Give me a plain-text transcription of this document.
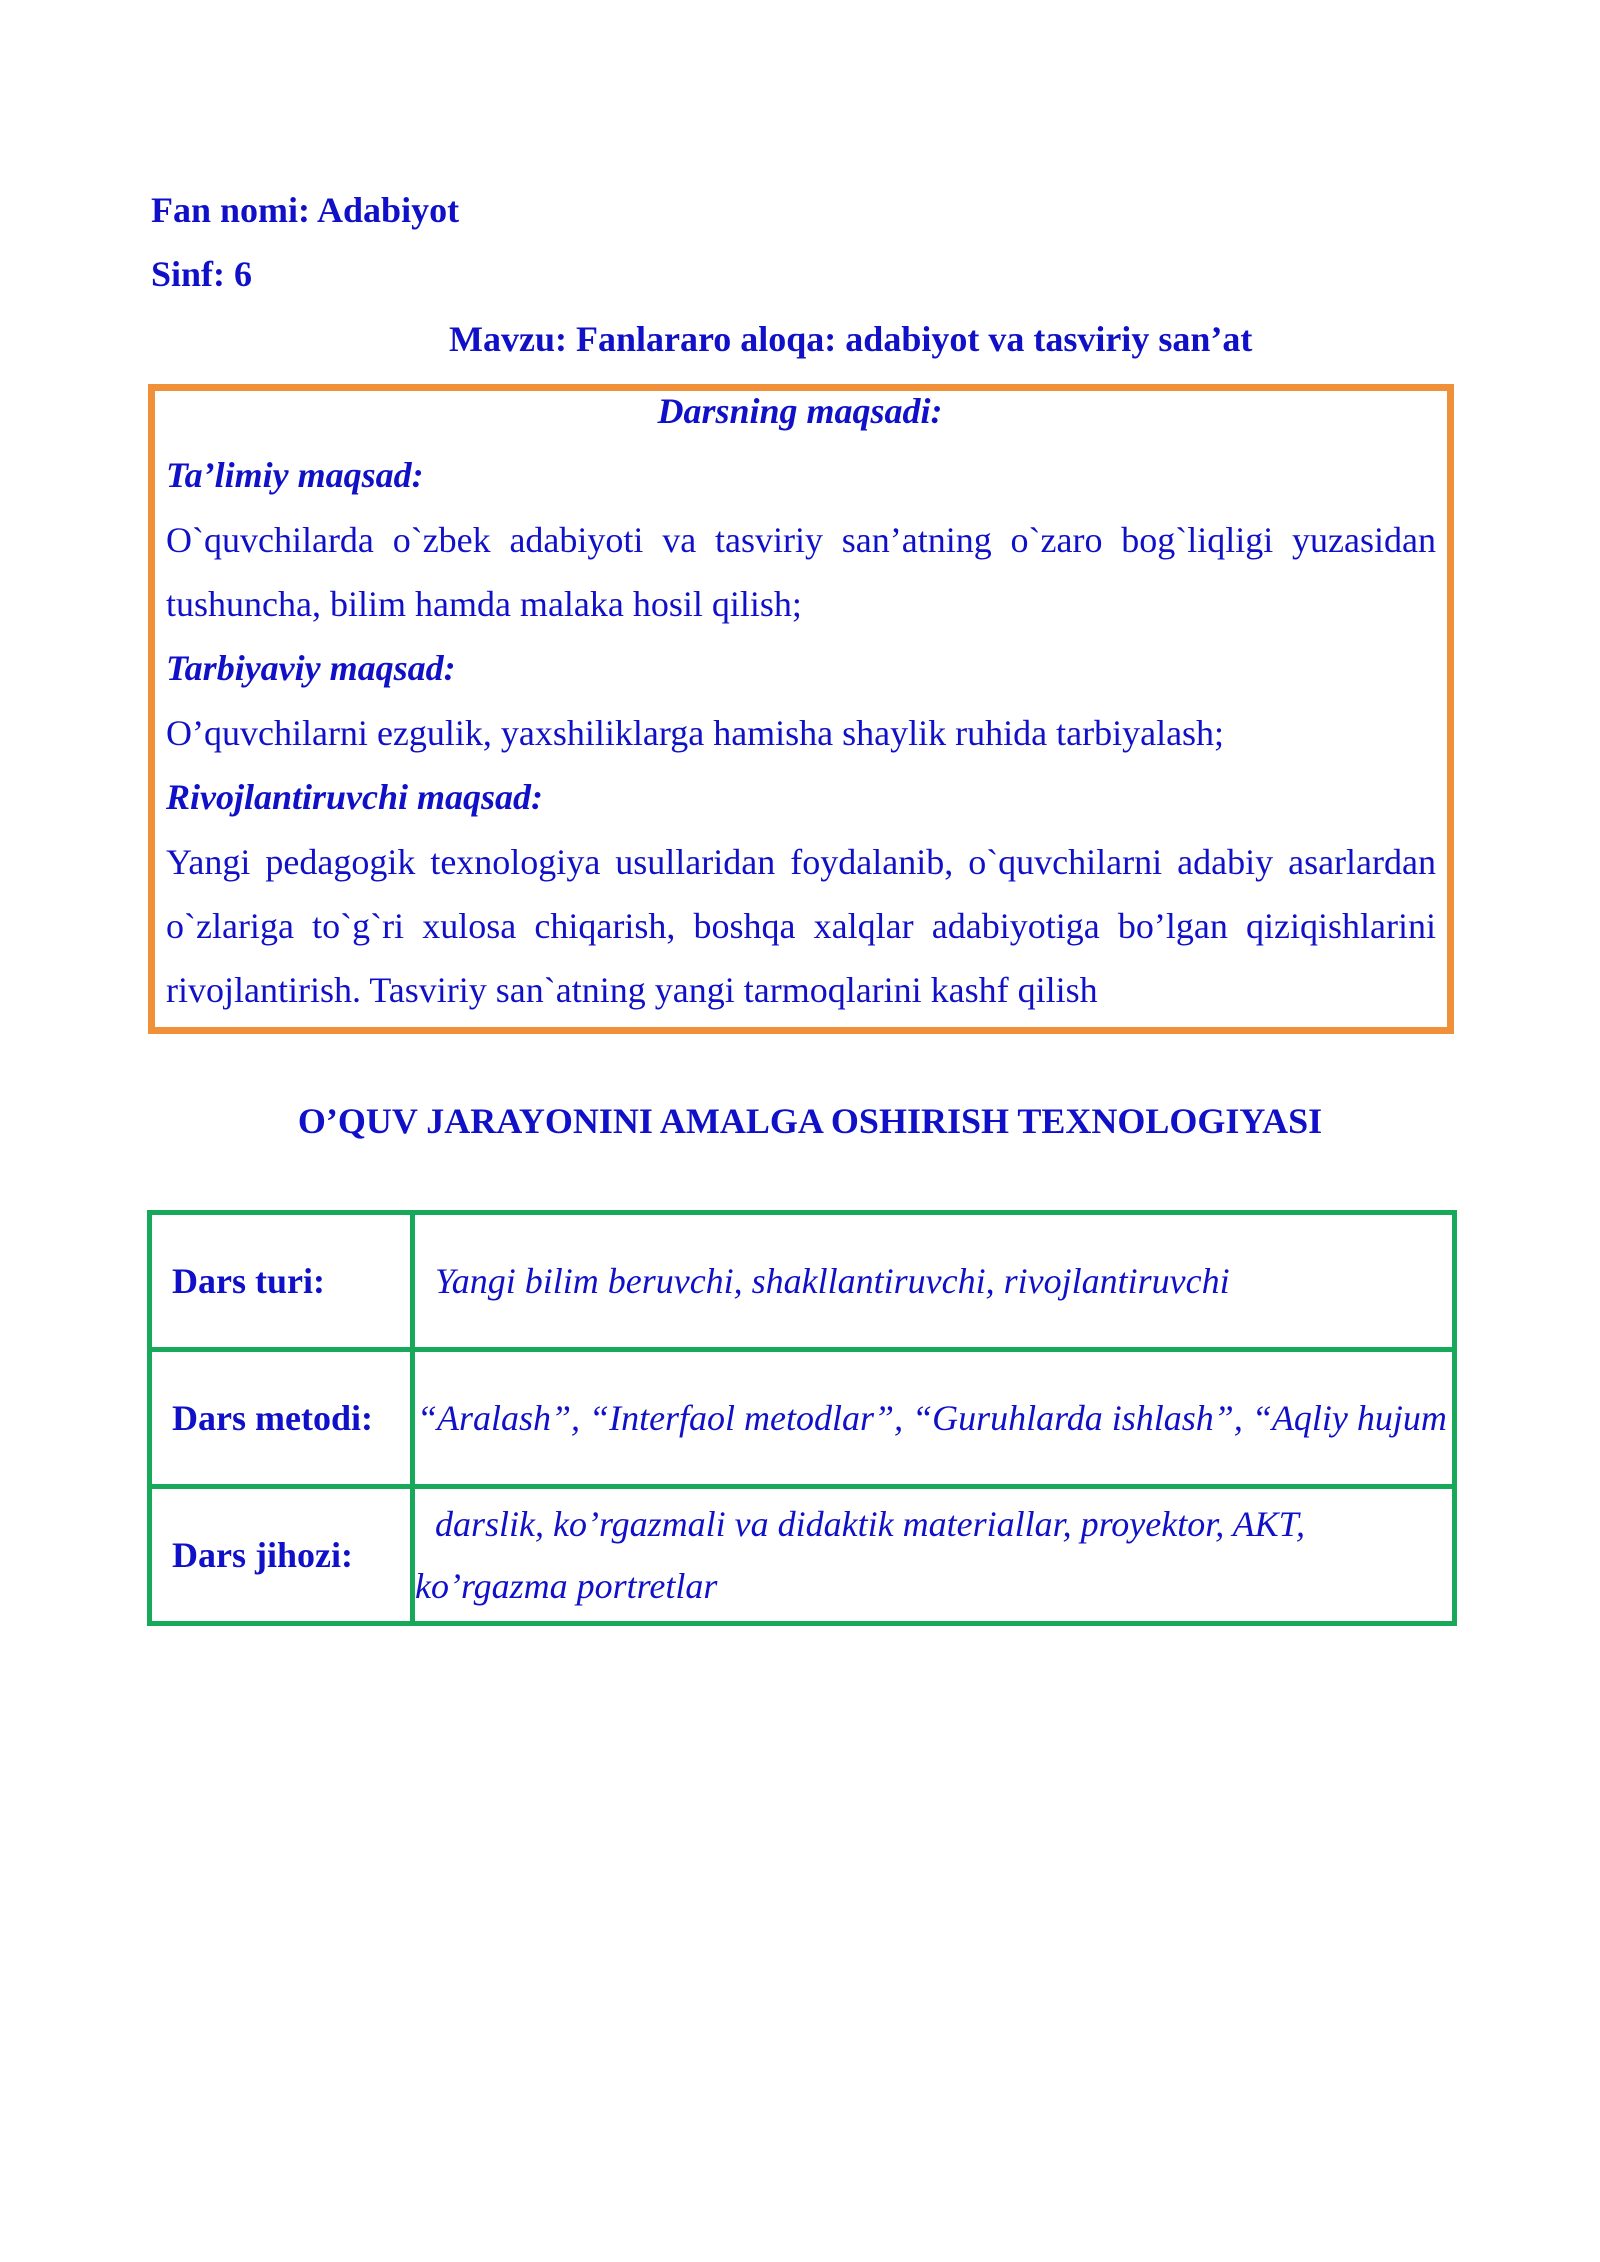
Fan nomi: Adabiyot
Sinf: 6
Mavzu: Fanlararo aloqa: adabiyot va tasviriy san’at
Darsning maqsadi:
Ta’limiy maqsad:
O`quvchilarda o`zbek adabiyoti va tasviriy san’atning o`zaro bog`liqligi yuzasidan tushuncha, bilim hamda malaka hosil qilish;
Tarbiyaviy maqsad:
O’quvchilarni ezgulik, yaxshiliklarga hamisha shaylik ruhida tarbiyalash;
Rivojlantiruvchi maqsad:
Yangi pedagogik texnologiya usullaridan foydalanib, o`quvchilarni adabiy asarlardan o`zlariga to`g`ri xulosa chiqarish, boshqa xalqlar adabiyotiga bo’lgan qiziqishlarini rivojlantirish. Tasviriy san`atning yangi tarmoqlarini kashf qilish
O’QUV JARAYONINI AMALGA OSHIRISH TEXNOLOGIYASI
Dars turi:	Yangi bilim beruvchi, shakllantiruvchi, rivojlantiruvchi
Dars metodi:	“Aralash”, “Interfaol metodlar”, “Guruhlarda ishlash”, “Aqliy hujum
Dars jihozi:	darslik, ko’rgazmali va didaktik materiallar, proyektor, AKT,
ko’rgazma portretlar
